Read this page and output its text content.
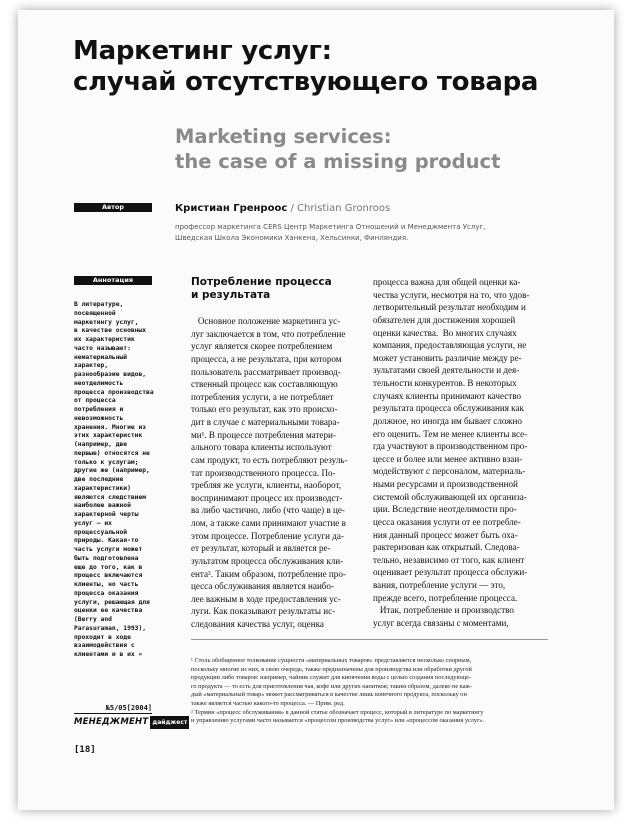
Маркетинг услуг:
случай отсутствующего товара
Marketing services:
the case of a missing product
Автор	Кристиан Гренроос / Christian Gronroos
профессор маркетинга CERS Центр Маркетинга Отношений и Менеджмента Услуг,
Шведская Школа Экономики Ханкена, Хельсинки, Финляндия.
Аннотация
В литературе,
посвященной
маркетингу услуг,
в качестве основных
их характеристик
часто называют:
нематериальный
характер,
разнообразие видов,
неотделимость
процесса производства
от процесса
потребления и
невозможность
хранения. Многие из
этих характеристик
(например, две
первые) относятся не
только к услугам;
другие же (например,
две последние
характеристики)
являются следствием
наиболее важной
характерной черты
услуг — их
процессуальной
природы. Какая-то
часть услуги может
быть подготовлена
еще до того, как в
процесс включаются
клиенты, но часть
процесса оказания
услуги, решающая для
оценки ее качества
(Berry and
Parasuraman, 1993),
проходит в ходе
взаимодействия с
клиентами и в их »
№5/05[2004]
МЕНЕДЖМЕНТ дайджест
[18]
Потребление процесса
и результата
Основное положение маркетинга ус-
луг заключается в том, что потребление
услуг является скорее потреблением
процесса, а не результата, при котором
пользователь рассматривает производ-
ственный процесс как составляющую
потребления услуги, а не потребляет
только его результат, как это происхо-
дит в случае с материальными товара-
ми¹. В процессе потребления матери-
ального товара клиенты используют
сам продукт, то есть потребляют резуль-
тат производственного процесса. По-
требляя же услуги, клиенты, наоборот,
воспринимают процесс их производст-
ва либо частично, либо (что чаще) в це-
лом, а также сами принимают участие в
этом процессе. Потребление услуги да-
ет результат, который и является ре-
зультатом процесса обслуживания кли-
ента². Таким образом, потребление про-
цесса обслуживания является наибо-
лее важным в ходе предоставления ус-
луги. Как показывают результаты ис-
следования качества услуг, оценка
процесса важна для общей оценки ка-
чества услуги, несмотря на то, что удов-
летворительный результат необходим и
обязателен для достижения хорошей
оценки качества.  Во многих случаях
компания, предоставляющая услуги, не
может установить различие между ре-
зультатами своей деятельности и дея-
тельности конкурентов. В некоторых
случаях клиенты принимают качество
результата процесса обслуживания как
должное, но иногда им бывает сложно
его оценить. Тем не менее клиенты все-
гда участвуют в производственном про-
цессе и более или менее активно взаи-
модействуют с персоналом, материаль-
ными ресурсами и производственной
системой обслуживающей их организа-
ции. Вследствие неотделимости про-
цесса оказания услуги от ее потребле-
ния данный процесс может быть оха-
рактеризован как открытый. Следова-
тельно, независимо от того, как клиент
оценивает результат процесса обслужи-
вания, потребление услуги — это,
прежде всего, потребление процесса.
Итак, потребление и производство
услуг всегда связаны с моментами,
¹ Столь обобщенное толкование сущности «материальных товаров» представляется несколько спорным,
поскольку многие из них, в свою очередь, также предназначены для производства или обработки другой
продукции либо товаров: например, чайник служит для кипячения воды с целью создания последующе-
го продукта — то есть для приготовления чая, кофе или других напитков; таким образом, далеко не каж-
дый «материальный товар» может рассматриваться в качестве лишь конечного продукта, поскольку он
также является частью какого-то процесса. — Прим. ред.
² Термин «процесс обслуживания» в данной статье обозначает процесс, который в литературе по маркетингу
и управлению услугами часто называется «процессом производства услуг» или «процессом оказания услуг».
